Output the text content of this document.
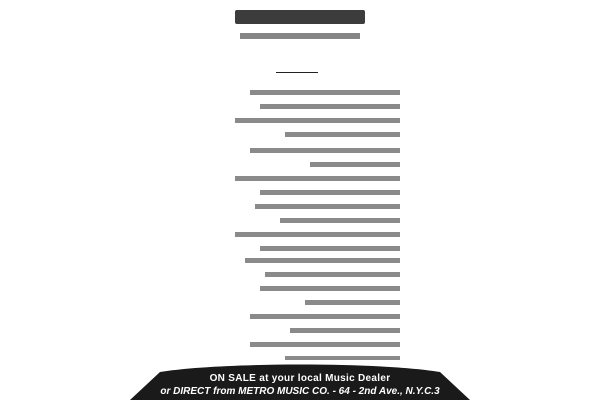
ON SALE at your local Music Dealer
or DIRECT from METRO MUSIC CO. - 64 - 2nd Ave., N.Y.C.3
